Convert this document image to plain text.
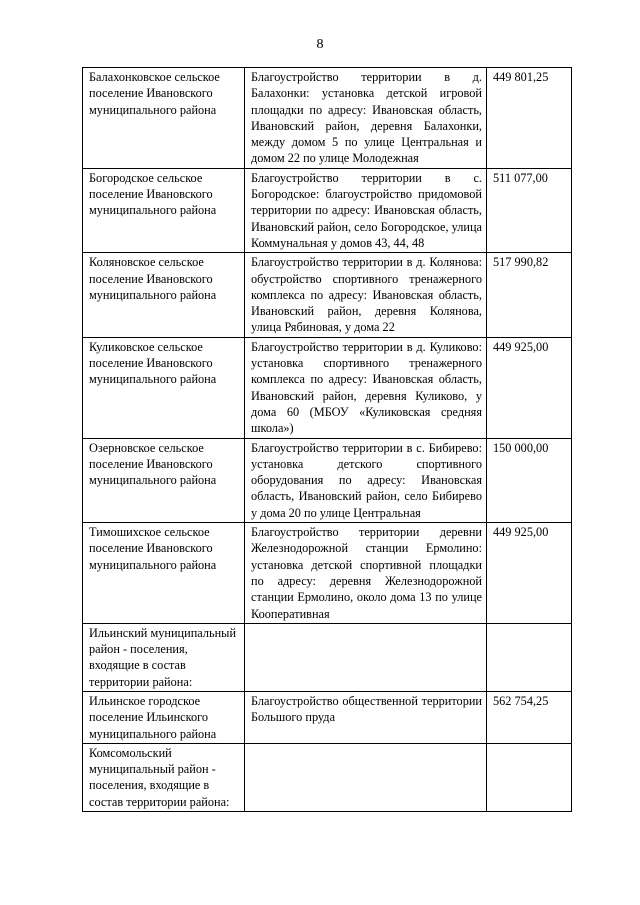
8
Балахонковское сельское поселение Ивановского муниципального района	Благоустройство территории в д. Балахонки: установка детской игровой площадки по адресу: Ивановская область, Ивановский район, деревня Балахонки, между домом 5 по улице Центральная и домом 22 по улице Молодежная	449 801,25
Богородское сельское поселение Ивановского муниципального района	Благоустройство территории в с. Богородское: благоустройство придомовой территории по адресу: Ивановская область, Ивановский район, село Богородское, улица Коммунальная у домов 43, 44, 48	511 077,00
Коляновское сельское поселение Ивановского муниципального района	Благоустройство территории в д. Колянова: обустройство спортивного тренажерного комплекса по адресу: Ивановская область, Ивановский район, деревня Колянова, улица Рябиновая, у дома 22	517 990,82
Куликовское сельское поселение Ивановского муниципального района	Благоустройство территории в д. Куликово: установка спортивного тренажерного комплекса по адресу: Ивановская область, Ивановский район, деревня Куликово, у дома 60 (МБОУ «Куликовская средняя школа»)	449 925,00
Озерновское сельское поселение Ивановского муниципального района	Благоустройство территории в с. Бибирево: установка детского спортивного оборудования по адресу: Ивановская область, Ивановский район, село Бибирево у дома 20 по улице Центральная	150 000,00
Тимошихское сельское поселение Ивановского муниципального района	Благоустройство территории деревни Железнодорожной станции Ермолино: установка детской спортивной площадки по адресу: деревня Железнодорожной станции Ермолино, около дома 13 по улице Кооперативная	449 925,00
Ильинский муниципальный район - поселения, входящие в состав территории района:		
Ильинское городское поселение Ильинского муниципального района	Благоустройство общественной территории Большого пруда	562 754,25
Комсомольский муниципальный район - поселения, входящие в состав территории района:		
